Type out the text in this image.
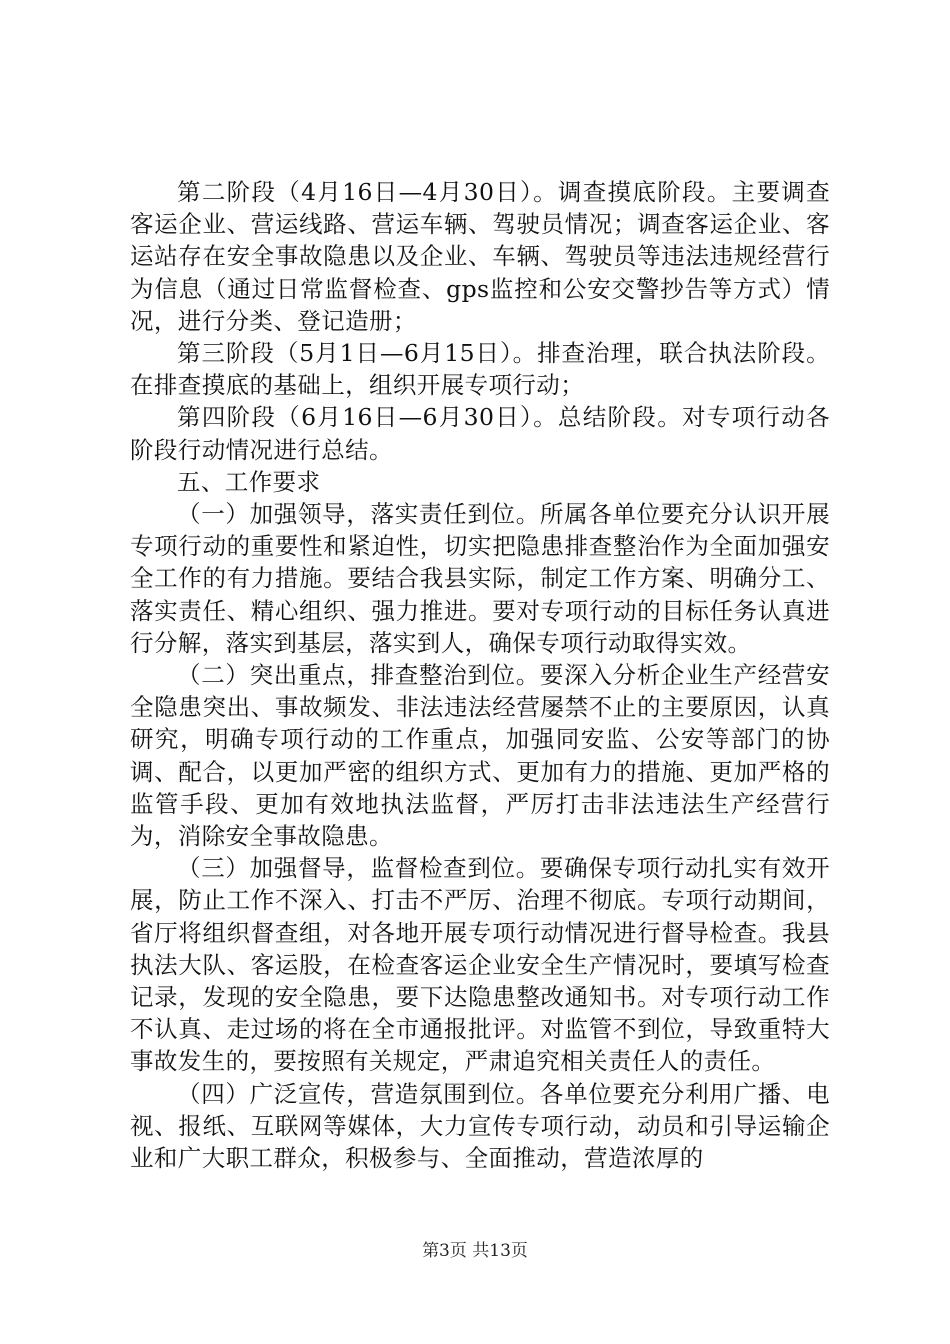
第二阶段（4月16日—4月30日）。调查摸底阶段。主要调查客运企业、营运线路、营运车辆、驾驶员情况；调查客运企业、客运站存在安全事故隐患以及企业、车辆、驾驶员等违法违规经营行为信息（通过日常监督检查、gps监控和公安交警抄告等方式）情况，进行分类、登记造册；

第三阶段（5月1日—6月15日）。排查治理，联合执法阶段。在排查摸底的基础上，组织开展专项行动；

第四阶段（6月16日—6月30日）。总结阶段。对专项行动各阶段行动情况进行总结。

五、工作要求

（一）加强领导，落实责任到位。所属各单位要充分认识开展专项行动的重要性和紧迫性，切实把隐患排查整治作为全面加强安全工作的有力措施。要结合我县实际，制定工作方案、明确分工、落实责任、精心组织、强力推进。要对专项行动的目标任务认真进行分解，落实到基层，落实到人，确保专项行动取得实效。

（二）突出重点，排查整治到位。要深入分析企业生产经营安全隐患突出、事故频发、非法违法经营屡禁不止的主要原因，认真研究，明确专项行动的工作重点，加强同安监、公安等部门的协调、配合，以更加严密的组织方式、更加有力的措施、更加严格的监管手段、更加有效地执法监督，严厉打击非法违法生产经营行为，消除安全事故隐患。

（三）加强督导，监督检查到位。要确保专项行动扎实有效开展，防止工作不深入、打击不严厉、治理不彻底。专项行动期间，省厅将组织督查组，对各地开展专项行动情况进行督导检查。我县执法大队、客运股，在检查客运企业安全生产情况时，要填写检查记录，发现的安全隐患，要下达隐患整改通知书。对专项行动工作不认真、走过场的将在全市通报批评。对监管不到位，导致重特大事故发生的，要按照有关规定，严肃追究相关责任人的责任。

（四）广泛宣传，营造氛围到位。各单位要充分利用广播、电视、报纸、互联网等媒体，大力宣传专项行动，动员和引导运输企业和广大职工群众，积极参与、全面推动，营造浓厚的

第3页 共13页
